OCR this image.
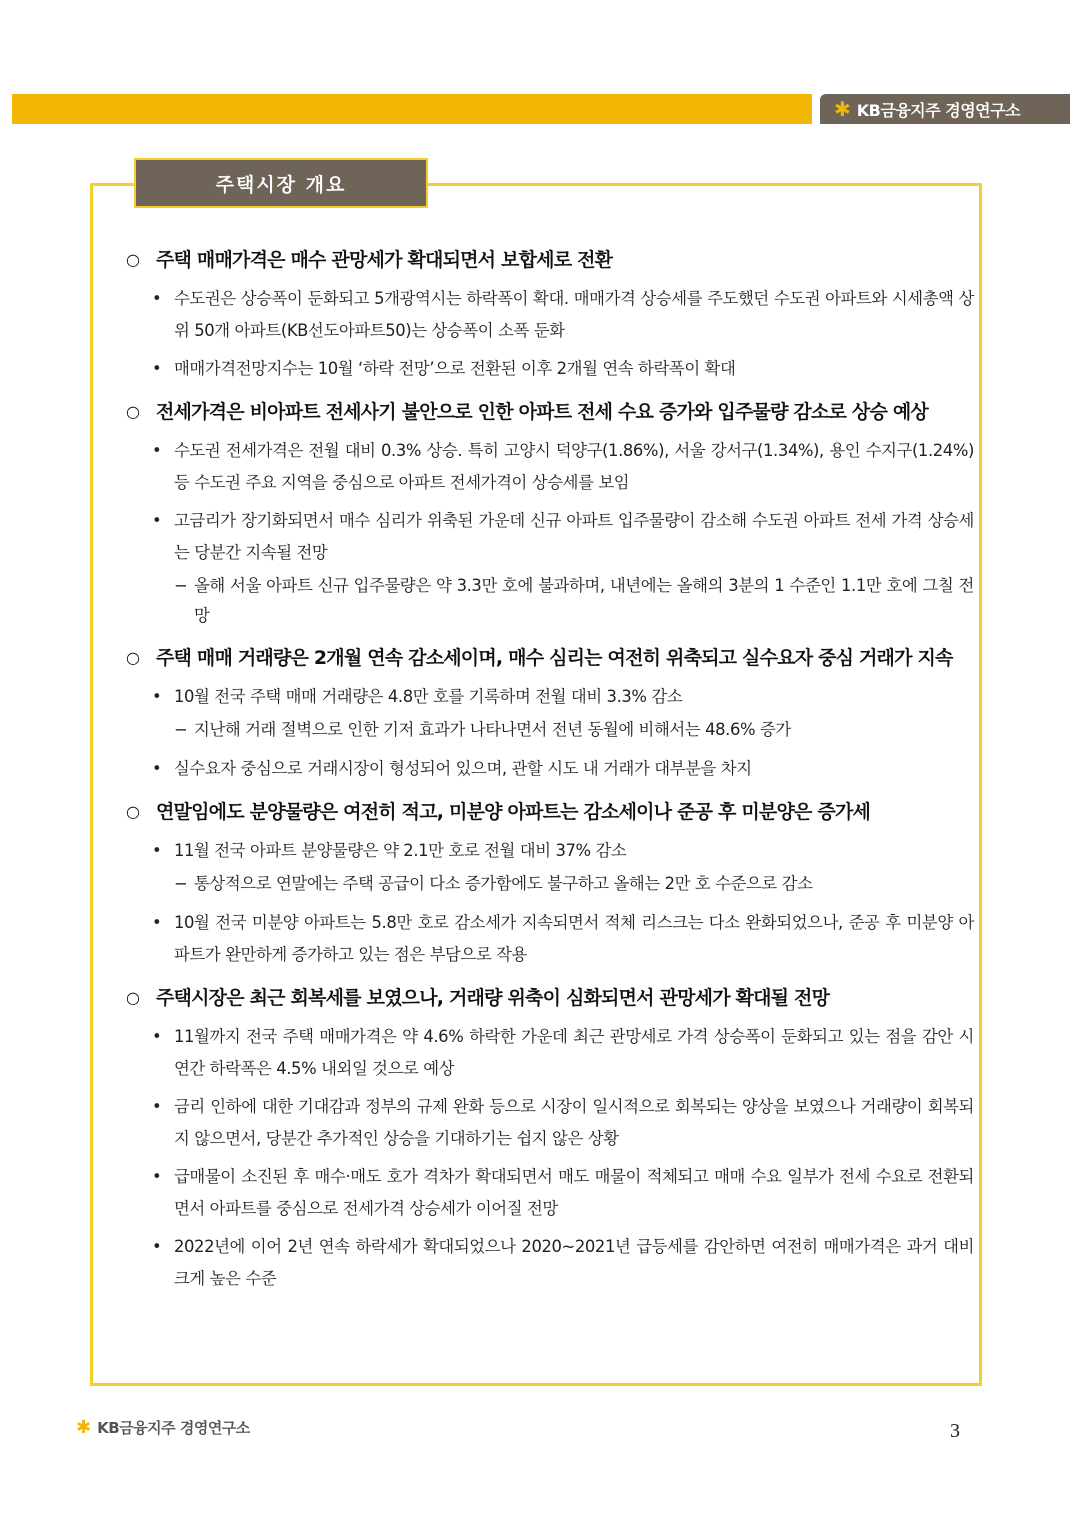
✱ KB금융지주 경영연구소
주택시장 개요
○ 주택 매매가격은 매수 관망세가 확대되면서 보합세로 전환
• 수도권은 상승폭이 둔화되고 5개광역시는 하락폭이 확대. 매매가격 상승세를 주도했던 수도권 아파트와 시세총액 상위 50개 아파트(KB선도아파트50)는 상승폭이 소폭 둔화
• 매매가격전망지수는 10월 ‘하락 전망’으로 전환된 이후 2개월 연속 하락폭이 확대
○ 전세가격은 비아파트 전세사기 불안으로 인한 아파트 전세 수요 증가와 입주물량 감소로 상승 예상
• 수도권 전세가격은 전월 대비 0.3% 상승. 특히 고양시 덕양구(1.86%), 서울 강서구(1.34%), 용인 수지구(1.24%) 등 수도권 주요 지역을 중심으로 아파트 전세가격이 상승세를 보임
• 고금리가 장기화되면서 매수 심리가 위축된 가운데 신규 아파트 입주물량이 감소해 수도권 아파트 전세 가격 상승세는 당분간 지속될 전망
− 올해 서울 아파트 신규 입주물량은 약 3.3만 호에 불과하며, 내년에는 올해의 3분의 1 수준인 1.1만 호에 그칠 전망
○ 주택 매매 거래량은 2개월 연속 감소세이며, 매수 심리는 여전히 위축되고 실수요자 중심 거래가 지속
• 10월 전국 주택 매매 거래량은 4.8만 호를 기록하며 전월 대비 3.3% 감소
− 지난해 거래 절벽으로 인한 기저 효과가 나타나면서 전년 동월에 비해서는 48.6% 증가
• 실수요자 중심으로 거래시장이 형성되어 있으며, 관할 시도 내 거래가 대부분을 차지
○ 연말임에도 분양물량은 여전히 적고, 미분양 아파트는 감소세이나 준공 후 미분양은 증가세
• 11월 전국 아파트 분양물량은 약 2.1만 호로 전월 대비 37% 감소
− 통상적으로 연말에는 주택 공급이 다소 증가함에도 불구하고 올해는 2만 호 수준으로 감소
• 10월 전국 미분양 아파트는 5.8만 호로 감소세가 지속되면서 적체 리스크는 다소 완화되었으나, 준공 후 미분양 아파트가 완만하게 증가하고 있는 점은 부담으로 작용
○ 주택시장은 최근 회복세를 보였으나, 거래량 위축이 심화되면서 관망세가 확대될 전망
• 11월까지 전국 주택 매매가격은 약 4.6% 하락한 가운데 최근 관망세로 가격 상승폭이 둔화되고 있는 점을 감안 시 연간 하락폭은 4.5% 내외일 것으로 예상
• 금리 인하에 대한 기대감과 정부의 규제 완화 등으로 시장이 일시적으로 회복되는 양상을 보였으나 거래량이 회복되지 않으면서, 당분간 추가적인 상승을 기대하기는 쉽지 않은 상황
• 급매물이 소진된 후 매수·매도 호가 격차가 확대되면서 매도 매물이 적체되고 매매 수요 일부가 전세 수요로 전환되면서 아파트를 중심으로 전세가격 상승세가 이어질 전망
• 2022년에 이어 2년 연속 하락세가 확대되었으나 2020~2021년 급등세를 감안하면 여전히 매매가격은 과거 대비 크게 높은 수준
✱ KB금융지주 경영연구소	3
